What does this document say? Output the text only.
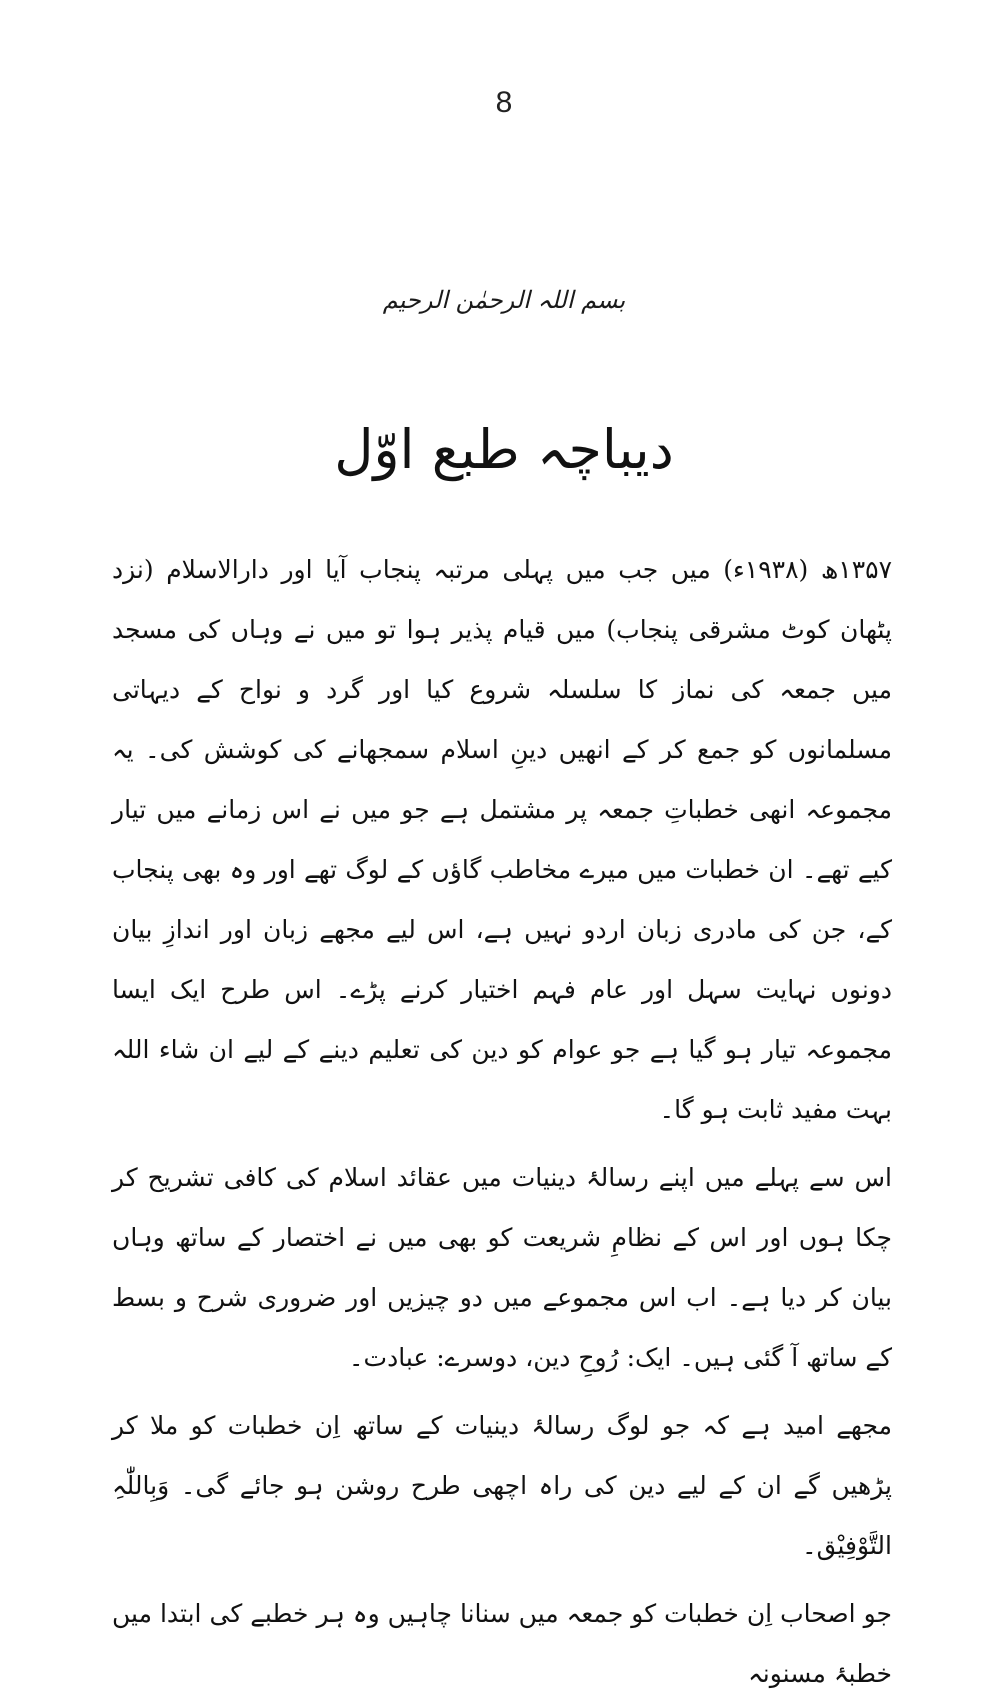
8
بسم اللہ الرحمٰن الرحیم
دیباچہ طبع اوّل

۱۳۵۷ھ (۱۹۳۸ء) میں جب میں پہلی مرتبہ پنجاب آیا اور دارالاسلام (نزد پٹھان کوٹ مشرقی پنجاب) میں قیام پذیر ہوا تو میں نے وہاں کی مسجد میں جمعہ کی نماز کا سلسلہ شروع کیا اور گرد و نواح کے دیہاتی مسلمانوں کو جمع کر کے انھیں دینِ اسلام سمجھانے کی کوشش کی۔ یہ مجموعہ انھی خطباتِ جمعہ پر مشتمل ہے جو میں نے اس زمانے میں تیار کیے تھے۔ ان خطبات میں میرے مخاطب گاؤں کے لوگ تھے اور وہ بھی پنجاب کے، جن کی مادری زبان اردو نہیں ہے، اس لیے مجھے زبان اور اندازِ بیان دونوں نہایت سہل اور عام فہم اختیار کرنے پڑے۔ اس طرح ایک ایسا مجموعہ تیار ہو گیا ہے جو عوام کو دین کی تعلیم دینے کے لیے ان شاء اللہ بہت مفید ثابت ہو گا۔

اس سے پہلے میں اپنے رسالۂ دینیات میں عقائد اسلام کی کافی تشریح کر چکا ہوں اور اس کے نظامِ شریعت کو بھی میں نے اختصار کے ساتھ وہاں بیان کر دیا ہے۔ اب اس مجموعے میں دو چیزیں اور ضروری شرح و بسط کے ساتھ آ گئی ہیں۔ ایک: رُوحِ دین، دوسرے: عبادت۔

مجھے امید ہے کہ جو لوگ رسالۂ دینیات کے ساتھ اِن خطبات کو ملا کر پڑھیں گے ان کے لیے دین کی راہ اچھی طرح روشن ہو جائے گی۔ وَبِاللّٰہِ التَّوْفِیْق۔

جو اصحاب اِن خطبات کو جمعہ میں سنانا چاہیں وہ ہر خطبے کی ابتدا میں خطبۂ مسنونہ
